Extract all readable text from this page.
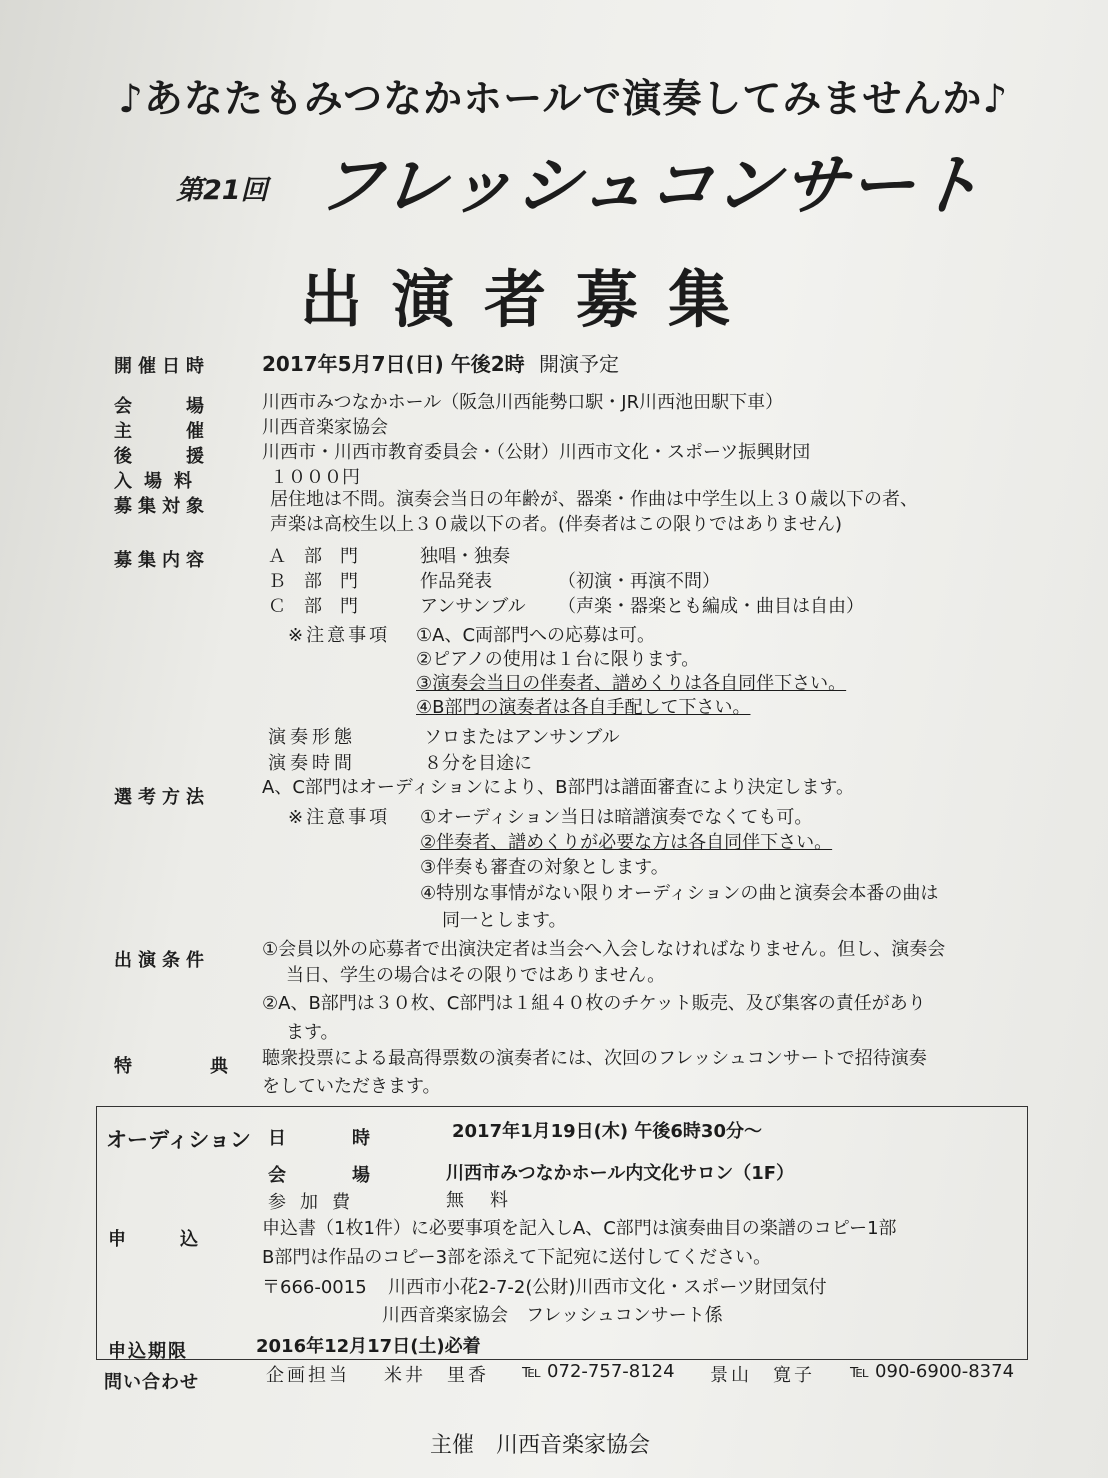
♪あなたもみつなかホールで演奏してみませんか♪
第21回 フレッシュコンサート
出演者募集
開催日時	2017年5月7日(日) 午後2時 開演予定
会　場 川西市みつなかホール（阪急川西能勢口駅・JR川西池田駅下車）
主　催 川西音楽家協会
後　援 川西市・川西市教育委員会・（公財）川西市文化・スポーツ振興財団
入場料	１０００円
募集対象	居住地は不問。演奏会当日の年齢が、器楽・作曲は中学生以上３０歳以下の者、
声楽は高校生以上３０歳以下の者。(伴奏者はこの限りではありません)
募集内容	Ａ　部　門	独唱・独奏
Ｂ　部　門	作品発表	（初演・再演不問）
Ｃ　部　門	アンサンブル （声楽・器楽とも編成・曲目は自由）
※注意事項 ①A、C両部門への応募は可。
②ピアノの使用は１台に限ります。
③演奏会当日の伴奏者、譜めくりは各自同伴下さい。
④B部門の演奏者は各自手配して下さい。
演奏形態	ソロまたはアンサンブル
演奏時間	８分を目途に
選考方法	A、C部門はオーディションにより、B部門は譜面審査により決定します。
※注意事項 ①オーディション当日は暗譜演奏でなくても可。
②伴奏者、譜めくりが必要な方は各自同伴下さい。
③伴奏も審査の対象とします。
④特別な事情がない限りオーディションの曲と演奏会本番の曲は
同一とします。
出演条件
①会員以外の応募者で出演決定者は当会へ入会しなければなりません。但し、演奏会
当日、学生の場合はその限りではありません。
②A、B部門は３０枚、C部門は１組４０枚のチケット販売、及び集客の責任があり
ます。
特　典 聴衆投票による最高得票数の演奏者には、次回のフレッシュコンサートで招待演奏
をしていただきます。
オーディション 日　　時	2017年1月19日(木) 午後6時30分～
会　　場	川西市みつなかホール内文化サロン（1F）
参加費	無　料
申　込
申込書（1枚1件）に必要事項を記入しA、C部門は演奏曲目の楽譜のコピー1部
B部門は作品のコピー3部を添えて下記宛に送付してください。
〒666-0015 川西市小花2-7-2(公財)川西市文化・スポーツ財団気付
川西音楽家協会　フレッシュコンサート係
申込期限	2016年12月17日(土)必着
問い合わせ	企画担当 米井　里香 ℡ 072-757-8124 景山　寛子 ℡ 090-6900-8374
主催　川西音楽家協会
